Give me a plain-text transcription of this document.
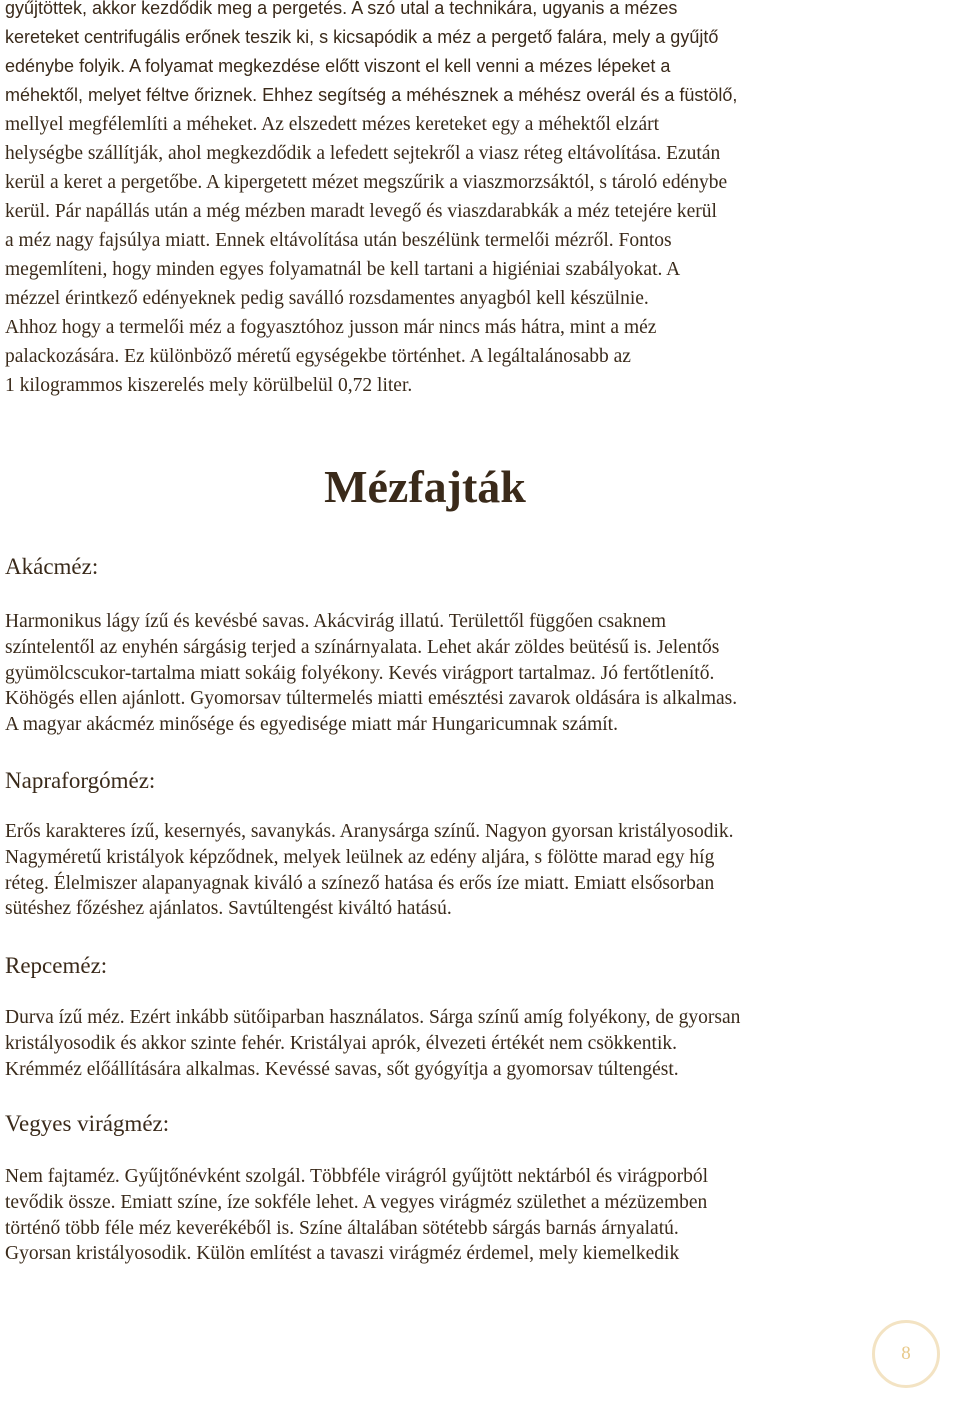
gyűjtöttek, akkor kezdődik meg a pergetés. A szó utal a technikára, ugyanis a mézes
kereteket centrifugális erőnek teszik ki, s kicsapódik a méz a pergető falára, mely a gyűjtő
edénybe folyik. A folyamat megkezdése előtt viszont el kell venni a mézes lépeket a
méhektől, melyet féltve őriznek. Ehhez segítség a méhésznek a méhész overál és a füstölő,
mellyel megfélemlíti a méheket. Az elszedett mézes kereteket egy a méhektől elzárt
helységbe szállítják, ahol megkezdődik a lefedett sejtekről a viasz réteg eltávolítása. Ezután
kerül a keret a pergetőbe. A kipergetett mézet megszűrik a viaszmorzsáktól, s tároló edénybe
kerül. Pár napállás után a még mézben maradt levegő és viaszdarabkák a méz tetejére kerül
a méz nagy fajsúlya miatt. Ennek eltávolítása után beszélünk termelői mézről. Fontos
megemlíteni, hogy minden egyes folyamatnál be kell tartani a higiéniai szabályokat. A
mézzel érintkező edényeknek pedig saválló rozsdamentes anyagból kell készülnie.
Ahhoz hogy a termelői méz a fogyasztóhoz jusson már nincs más hátra, mint a méz
palackozására. Ez különböző méretű egységekbe történhet. A legáltalánosabb az
1 kilogrammos kiszerelés mely körülbelül 0,72 liter.
Mézfajták
Akácméz:
Harmonikus lágy ízű és kevésbé savas. Akácvirág illatú. Területtől függően csaknem
színtelentől az enyhén sárgásig terjed a színárnyalata. Lehet akár zöldes beütésű is. Jelentős
gyümölcscukor-tartalma miatt sokáig folyékony. Kevés virágport tartalmaz. Jó fertőtlenítő.
Köhögés ellen ajánlott. Gyomorsav túltermelés miatti emésztési zavarok oldására is alkalmas.
A magyar akácméz minősége és egyedisége miatt már Hungaricumnak számít.
Napraforgóméz:
Erős karakteres ízű, kesernyés, savanykás. Aranysárga színű. Nagyon gyorsan kristályosodik.
Nagyméretű kristályok képződnek, melyek leülnek az edény aljára, s fölötte marad egy híg
réteg. Élelmiszer alapanyagnak kiváló a színező hatása és erős íze miatt. Emiatt elsősorban
sütéshez főzéshez ajánlatos. Savtúltengést kiváltó hatású.
Repceméz:
Durva ízű méz. Ezért inkább sütőiparban használatos. Sárga színű amíg folyékony, de gyorsan
kristályosodik és akkor szinte fehér. Kristályai aprók, élvezeti értékét nem csökkentik.
Krémméz előállítására alkalmas. Kevéssé savas, sőt gyógyítja a gyomorsav túltengést.
Vegyes virágméz:
Nem fajtaméz. Gyűjtőnévként szolgál. Többféle virágról gyűjtött nektárból és virágporból
tevődik össze. Emiatt színe, íze sokféle lehet. A vegyes virágméz születhet a mézüzemben
történő több féle méz keverékéből is. Színe általában sötétebb sárgás barnás árnyalatú.
Gyorsan kristályosodik. Külön említést a tavaszi virágméz érdemel, mely kiemelkedik
8
